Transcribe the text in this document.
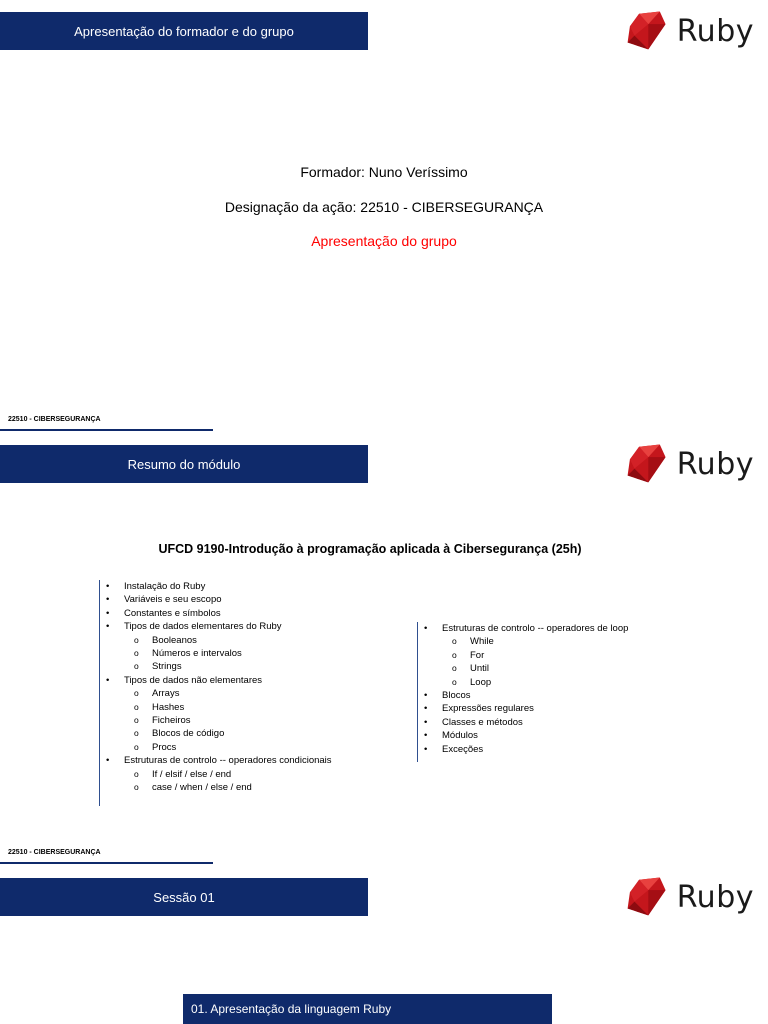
Apresentação do formador e do grupo	Ruby
Formador: Nuno Veríssimo
Designação da ação: 22510 - CIBERSEGURANÇA
Apresentação do grupo
22510 - CIBERSEGURANÇA
Resumo do módulo	Ruby
UFCD 9190-Introdução à programação aplicada à Cibersegurança (25h)
• Instalação do Ruby
• Variáveis e seu escopo
• Constantes e símbolos
• Tipos de dados elementares do Ruby
o Booleanos
o Números e intervalos
o Strings
• Tipos de dados não elementares
o Arrays
o Hashes
o Ficheiros
o Blocos de código
o Procs
• Estruturas de controlo -- operadores condicionais
o If / elsif / else / end
o case / when / else / end
• Estruturas de controlo -- operadores de loop
o While
o For
o Until
o Loop
• Blocos
• Expressões regulares
• Classes e métodos
• Módulos
• Exceções
22510 - CIBERSEGURANÇA
Sessão 01	Ruby
01. Apresentação da linguagem Ruby
